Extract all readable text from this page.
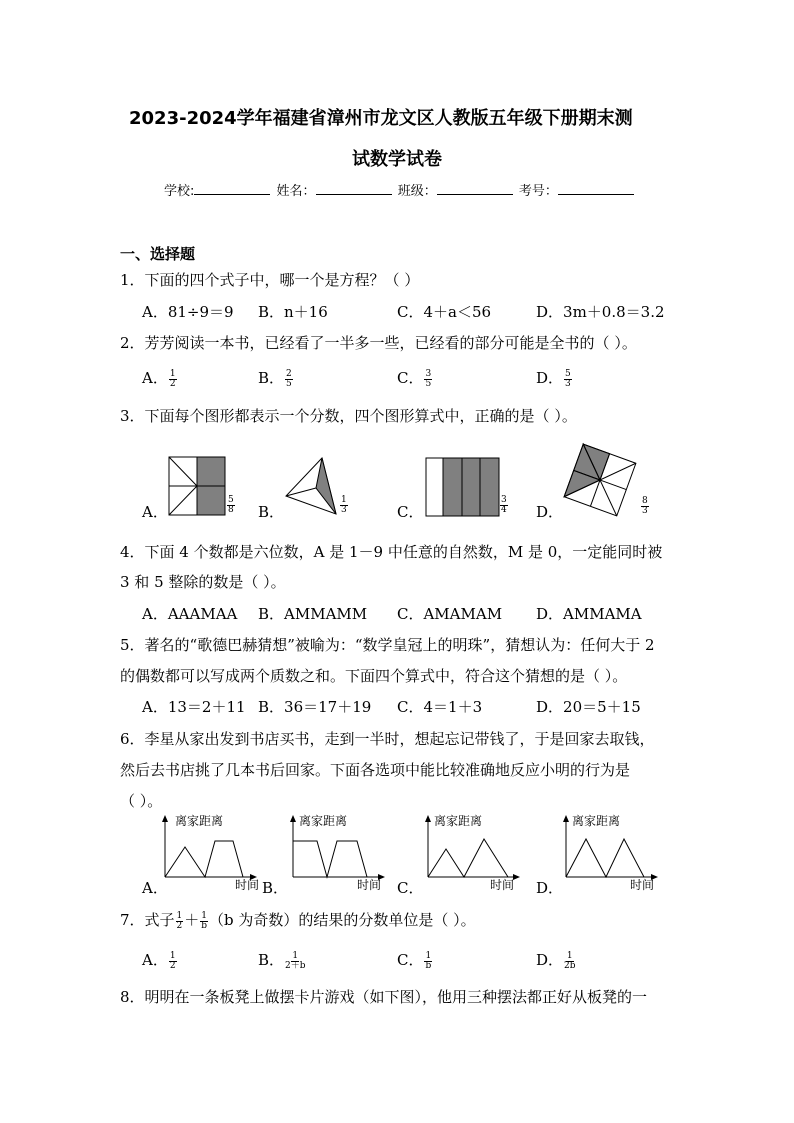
2023-2024学年福建省漳州市龙文区人教版五年级下册期末测
试数学试卷
学校:	姓名：	班级：	考号：
一、选择题
1．下面的四个式子中，哪一个是方程？（ ）
A．81÷9＝9 B．n＋16	C．4＋a＜56	D．3m＋0.8＝3.2
2．芳芳阅读一本书，已经看了一半多一些，已经看的部分可能是全书的（ ）。
A． $\frac{1}{2}$	B． $\frac{2}{5}$	C． $\frac{3}{5}$	D． $\frac{5}{3}$
3．下面每个图形都表示一个分数，四个图形算式中，正确的是（ ）。
A．	B．	C．	D．
$\frac{5}{8}$	$\frac{1}{3}$	$\frac{3}{4}$	$\frac{8}{3}$
4．下面 4 个数都是六位数，A 是 1－9 中任意的自然数，M 是 0，一定能同时被
3 和 5 整除的数是（ ）。
A．AAAMAA B．AMMAMM C．AMAMAM D．AMMAMA
5．著名的“歌德巴赫猜想”被喻为：“数学皇冠上的明珠”，猜想认为：任何大于 2
的偶数都可以写成两个质数之和。下面四个算式中，符合这个猜想的是（ ）。
A．13＝2＋11 B．36＝17＋19 C．4＝1＋3	D．20＝5＋15
6．李星从家出发到书店买书，走到一半时，想起忘记带钱了，于是回家去取钱，
然后去书店挑了几本书后回家。下面各选项中能比较准确地反应小明的行为是
（ ）。
离家距离
时间
A．
离家距离
时间
B．
离家距离
时间
C．
离家距离
时间
D．
7．式子 $\frac{1}{2} + \frac{1}{b} (b$ 为奇数）的结果的分数单位是（ ）。
A． $\frac{1}{2}$	B． $\frac{1}{2+b}$	C． $\frac{1}{b}$	D． $\frac{1}{2b}$
8．明明在一条板凳上做摆卡片游戏（如下图），他用三种摆法都正好从板凳的一
